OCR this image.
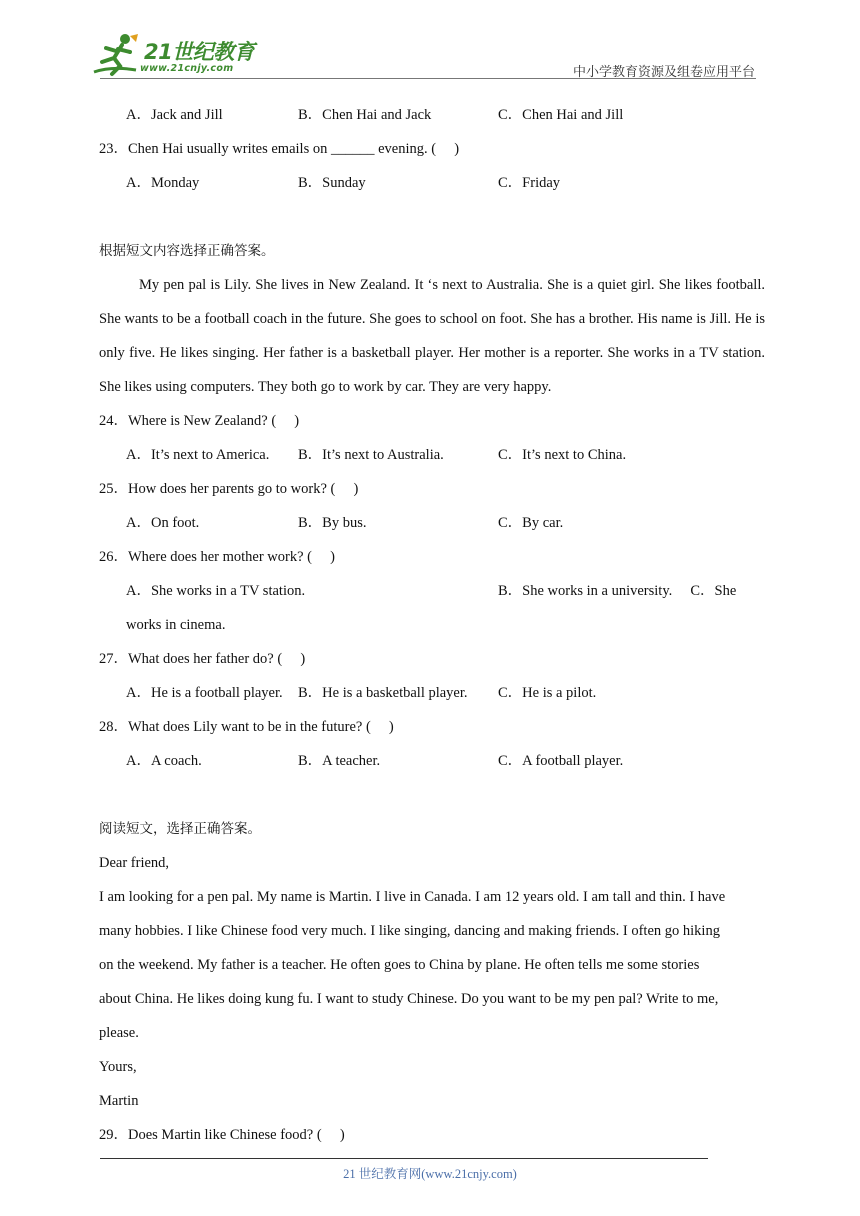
21世纪教育
www.21cnjy.com	中小学教育资源及组卷应用平台
A．Jack and Jill	B．Chen Hai and Jack	C．Chen Hai and Jill
23．Chen Hai usually writes emails on ______ evening. (　 )
A．Monday	B．Sunday	C．Friday
根据短文内容选择正确答案。

My pen pal is Lily. She lives in New Zealand. It ‘s next to Australia. She is a quiet girl. She likes football. She wants to be a football coach in the future. She goes to school on foot. She has a brother. His name is Jill. He is only five. He likes singing. Her father is a basketball player. Her mother is a reporter. She works in a TV station. She likes using computers. They both go to work by car. They are very happy.

24．Where is New Zealand? (　 )
A．It’s next to America. B．It’s next to Australia.	C．It’s next to China.
25．How does her parents go to work? (　 )
A．On foot.	B．By bus.	C．By car.
26．Where does her mother work? (　 )
A．She works in a TV station.	B．She works in a university.　 C．She
works in cinema.
27．What does her father do? (　 )
A．He is a football player. B．He is a basketball player. C．He is a pilot.
28．What does Lily want to be in the future? (　 )
A．A coach.	B．A teacher.	C．A football player.
阅读短文，选择正确答案。
Dear friend,
I am looking for a pen pal. My name is Martin. I live in Canada. I am 12 years old. I am tall and thin. I have
many hobbies. I like Chinese food very much. I like singing, dancing and making friends. I often go hiking
on the weekend. My father is a teacher. He often goes to China by plane. He often tells me some stories
about China. He likes doing kung fu. I want to study Chinese. Do you want to be my pen pal? Write to me,
please.
Yours,
Martin
29．Does Martin like Chinese food? (　 )
21 世纪教育网(www.21cnjy.com)
